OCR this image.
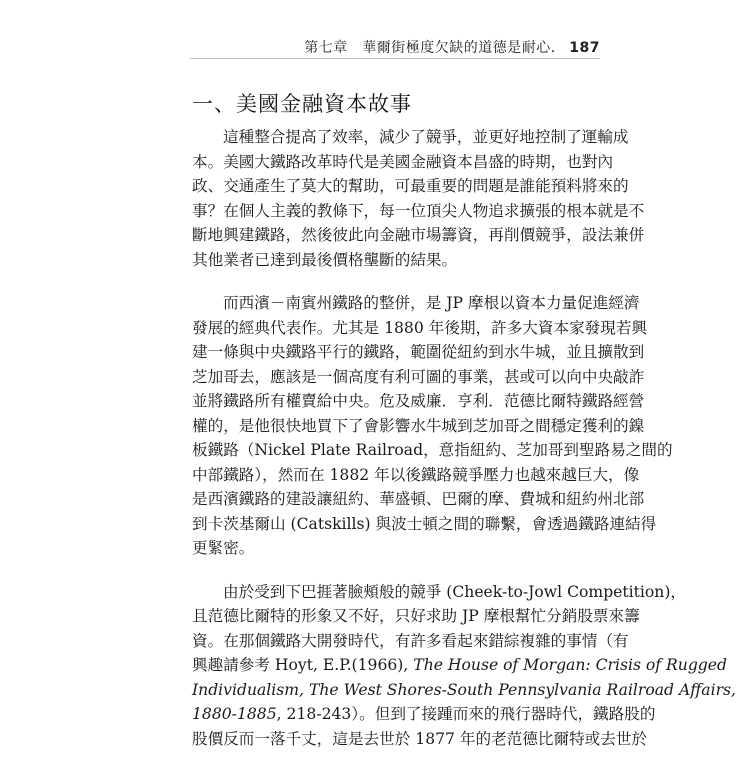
第七章　華爾街極度欠缺的道德是耐心． 187
一、美國金融資本故事
這種整合提高了效率，減少了競爭，並更好地控制了運輸成
本。美國大鐵路改革時代是美國金融資本昌盛的時期，也對內
政、交通產生了莫大的幫助，可最重要的問題是誰能預料將來的
事？在個人主義的教條下，每一位頂尖人物追求擴張的根本就是不
斷地興建鐵路，然後彼此向金融市場籌資，再削價競爭，設法兼併
其他業者已達到最後價格壟斷的結果。
而西濱－南賓州鐵路的整併，是 JP 摩根以資本力量促進經濟
發展的經典代表作。尤其是 1880 年後期，許多大資本家發現若興
建一條與中央鐵路平行的鐵路，範圍從紐約到水牛城，並且擴散到
芝加哥去，應該是一個高度有利可圖的事業，甚或可以向中央敲詐
並將鐵路所有權賣給中央。危及威廉．亨利．范德比爾特鐵路經營
權的，是他很快地買下了會影響水牛城到芝加哥之間穩定獲利的鎳
板鐵路（Nickel Plate Railroad，意指紐約、芝加哥到聖路易之間的
中部鐵路），然而在 1882 年以後鐵路競爭壓力也越來越巨大，像
是西濱鐵路的建設讓紐約、華盛頓、巴爾的摩、費城和紐約州北部
到卡茨基爾山 (Catskills) 與波士頓之間的聯繫，會透過鐵路連結得
更緊密。
由於受到下巴捱著臉頰般的競爭 (Cheek-to-Jowl Competition)，
且范德比爾特的形象又不好，只好求助 JP 摩根幫忙分銷股票來籌
資。在那個鐵路大開發時代，有許多看起來錯綜複雜的事情（有
興趣請參考 Hoyt, E.P.(1966), The House of Morgan: Crisis of Rugged
Individualism, The West Shores-South Pennsylvania Railroad Affairs,
1880-1885, 218-243）。但到了接踵而來的飛行器時代，鐵路股的
股價反而一落千丈，這是去世於 1877 年的老范德比爾特或去世於
